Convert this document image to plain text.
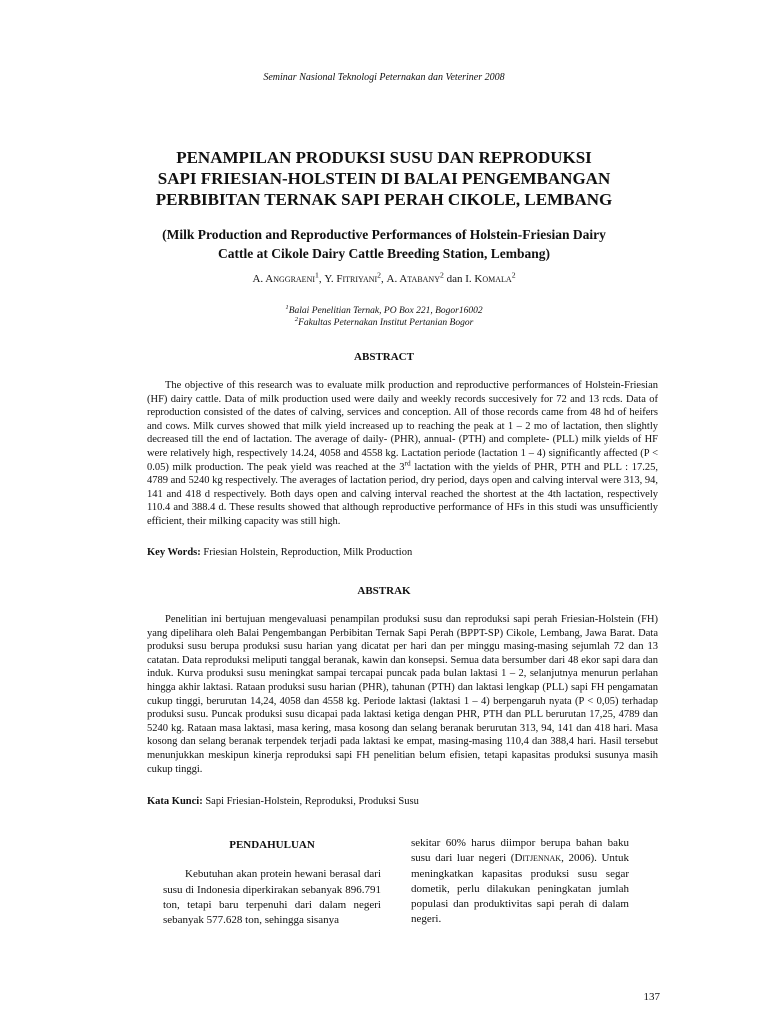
Seminar Nasional Teknologi Peternakan dan Veteriner 2008
PENAMPILAN PRODUKSI SUSU DAN REPRODUKSI
SAPI FRIESIAN-HOLSTEIN DI BALAI PENGEMBANGAN
PERBIBITAN TERNAK SAPI PERAH CIKOLE, LEMBANG
(Milk Production and Reproductive Performances of Holstein-Friesian Dairy
Cattle at Cikole Dairy Cattle Breeding Station, Lembang)
A. Anggraeni$^1$, Y. Fitriyani$^2$, A. Atabany$^2$ dan I. Komala$^2$
$^1$Balai Penelitian Ternak, PO Box 221, Bogor16002
$^2$Fakultas Peternakan Institut Pertanian Bogor
ABSTRACT
The objective of this research was to evaluate milk production and reproductive performances of Holstein-Friesian (HF) dairy cattle. Data of milk production used were daily and weekly records succesively for 72 and 13 rcds. Data of reproduction consisted of the dates of calving, services and conception. All of those records came from 48 hd of heifers and cows. Milk curves showed that milk yield increased up to reaching the peak at 1 – 2 mo of lactation, then slightly decreased till the end of lactation. The average of daily- (PHR), annual- (PTH) and complete- (PLL) milk yields of HF were relatively high, respectively 14.24, 4058 and 4558 kg. Lactation periode (lactation 1 – 4) significantly affected (P < 0.05) milk production. The peak yield was reached at the 3rd lactation with the yields of PHR, PTH and PLL : 17.25, 4789 and 5240 kg respectively. The averages of lactation period, dry period, days open and calving interval were 313, 94, 141 and 418 d respectively. Both days open and calving interval reached the shortest at the 4th lactation, respectively 110.4 and 388.4 d. These results showed that although reproductive performance of HFs in this studi was unsufficiently efficient, their milking capacity was still high.
Key Words: Friesian Holstein, Reproduction, Milk Production
ABSTRAK
Penelitian ini bertujuan mengevaluasi penampilan produksi susu dan reproduksi sapi perah Friesian-Holstein (FH) yang dipelihara oleh Balai Pengembangan Perbibitan Ternak Sapi Perah (BPPT-SP) Cikole, Lembang, Jawa Barat. Data produksi susu berupa produksi susu harian yang dicatat per hari dan per minggu masing-masing sejumlah 72 dan 13 catatan. Data reproduksi meliputi tanggal beranak, kawin dan konsepsi. Semua data bersumber dari 48 ekor sapi dara dan induk. Kurva produksi susu meningkat sampai tercapai puncak pada bulan laktasi 1 – 2, selanjutnya menurun perlahan hingga akhir laktasi. Rataan produksi susu harian (PHR), tahunan (PTH) dan laktasi lengkap (PLL) sapi FH pengamatan cukup tinggi, berurutan 14,24, 4058 dan 4558 kg. Periode laktasi (laktasi 1 – 4) berpengaruh nyata (P < 0,05) terhadap produksi susu. Puncak produksi susu dicapai pada laktasi ketiga dengan PHR, PTH dan PLL berurutan 17,25, 4789 dan 5240 kg. Rataan masa laktasi, masa kering, masa kosong dan selang beranak berurutan 313, 94, 141 dan 418 hari. Masa kosong dan selang beranak terpendek terjadi pada laktasi ke empat, masing-masing 110,4 dan 388,4 hari. Hasil tersebut menunjukkan meskipun kinerja reproduksi sapi FH penelitian belum efisien, tetapi kapasitas produksi susunya masih cukup tinggi.
Kata Kunci: Sapi Friesian-Holstein, Reproduksi, Produksi Susu
PENDAHULUAN
Kebutuhan akan protein hewani berasal dari susu di Indonesia diperkirakan sebanyak 896.791 ton, tetapi baru terpenuhi dari dalam negeri sebanyak 577.628 ton, sehingga sisanya
sekitar 60% harus diimpor berupa bahan baku susu dari luar negeri (Ditjennak, 2006). Untuk meningkatkan kapasitas produksi susu segar dometik, perlu dilakukan peningkatan jumlah populasi dan produktivitas sapi perah di dalam negeri.
137
